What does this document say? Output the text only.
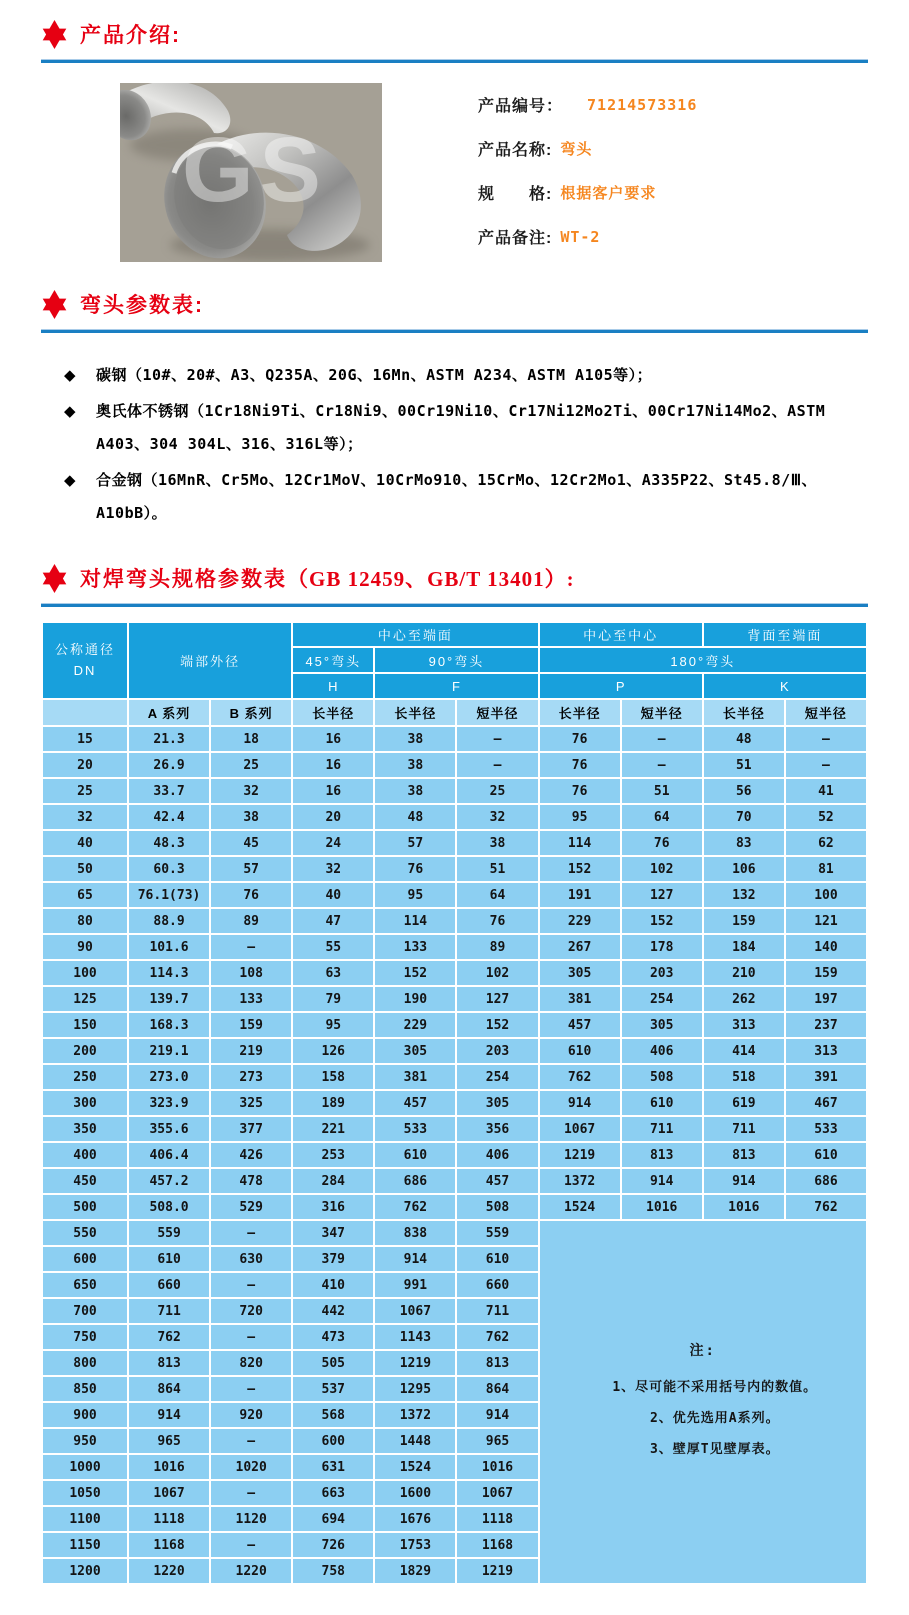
产品介绍:
GS
产品编号： 71214573316
产品名称: 弯头
规　　格: 根据客户要求
产品备注: WT-2
弯头参数表:
◆	碳钢（10#、20#、A3、Q235A、20G、16Mn、ASTM A234、ASTM A105等）；
◆	奥氏体不锈钢（1Cr18Ni9Ti、Cr18Ni9、00Cr19Ni10、Cr17Ni12Mo2Ti、00Cr17Ni14Mo2、ASTM A403、304 304L、316、316L等）；
◆	合金钢（16MnR、Cr5Mo、12Cr1MoV、10CrMo910、15CrMo、12Cr2Mo1、A335P22、St45.8/Ⅲ、A10bB）。
对焊弯头规格参数表（GB 12459、GB/T 13401）:
公称通径
DN	端部外径		中心至端面			中心至中心		背面至端面	
			45°弯头	90°弯头		180°弯头			
			H	F		P		K	
	A 系列	B 系列	长半径	长半径	短半径	长半径	短半径	长半径	短半径
15	21.3	18	16	38	—	76	—	48	—
20	26.9	25	16	38	—	76	—	51	—
25	33.7	32	16	38	25	76	51	56	41
32	42.4	38	20	48	32	95	64	70	52
40	48.3	45	24	57	38	114	76	83	62
50	60.3	57	32	76	51	152	102	106	81
65	76.1(73)	76	40	95	64	191	127	132	100
80	88.9	89	47	114	76	229	152	159	121
90	101.6	—	55	133	89	267	178	184	140
100	114.3	108	63	152	102	305	203	210	159
125	139.7	133	79	190	127	381	254	262	197
150	168.3	159	95	229	152	457	305	313	237
200	219.1	219	126	305	203	610	406	414	313
250	273.0	273	158	381	254	762	508	518	391
300	323.9	325	189	457	305	914	610	619	467
350	355.6	377	221	533	356	1067	711	711	533
400	406.4	426	253	610	406	1219	813	813	610
450	457.2	478	284	686	457	1372	914	914	686
500	508.0	529	316	762	508	1524	1016	1016	762
550	559	—	347	838	559	注:
1、尽可能不采用括号内的数值。
2、优先选用A系列。
3、壁厚T见壁厚表。			

600	610	630	379	914	610				
650	660	—	410	991	660				
700	711	720	442	1067	711				
750	762	—	473	1143	762				
800	813	820	505	1219	813				
850	864	—	537	1295	864				
900	914	920	568	1372	914				
950	965	—	600	1448	965				
1000	1016	1020	631	1524	1016				
1050	1067	—	663	1600	1067				
1100	1118	1120	694	1676	1118				
1150	1168	—	726	1753	1168				
1200	1220	1220	758	1829	1219				
